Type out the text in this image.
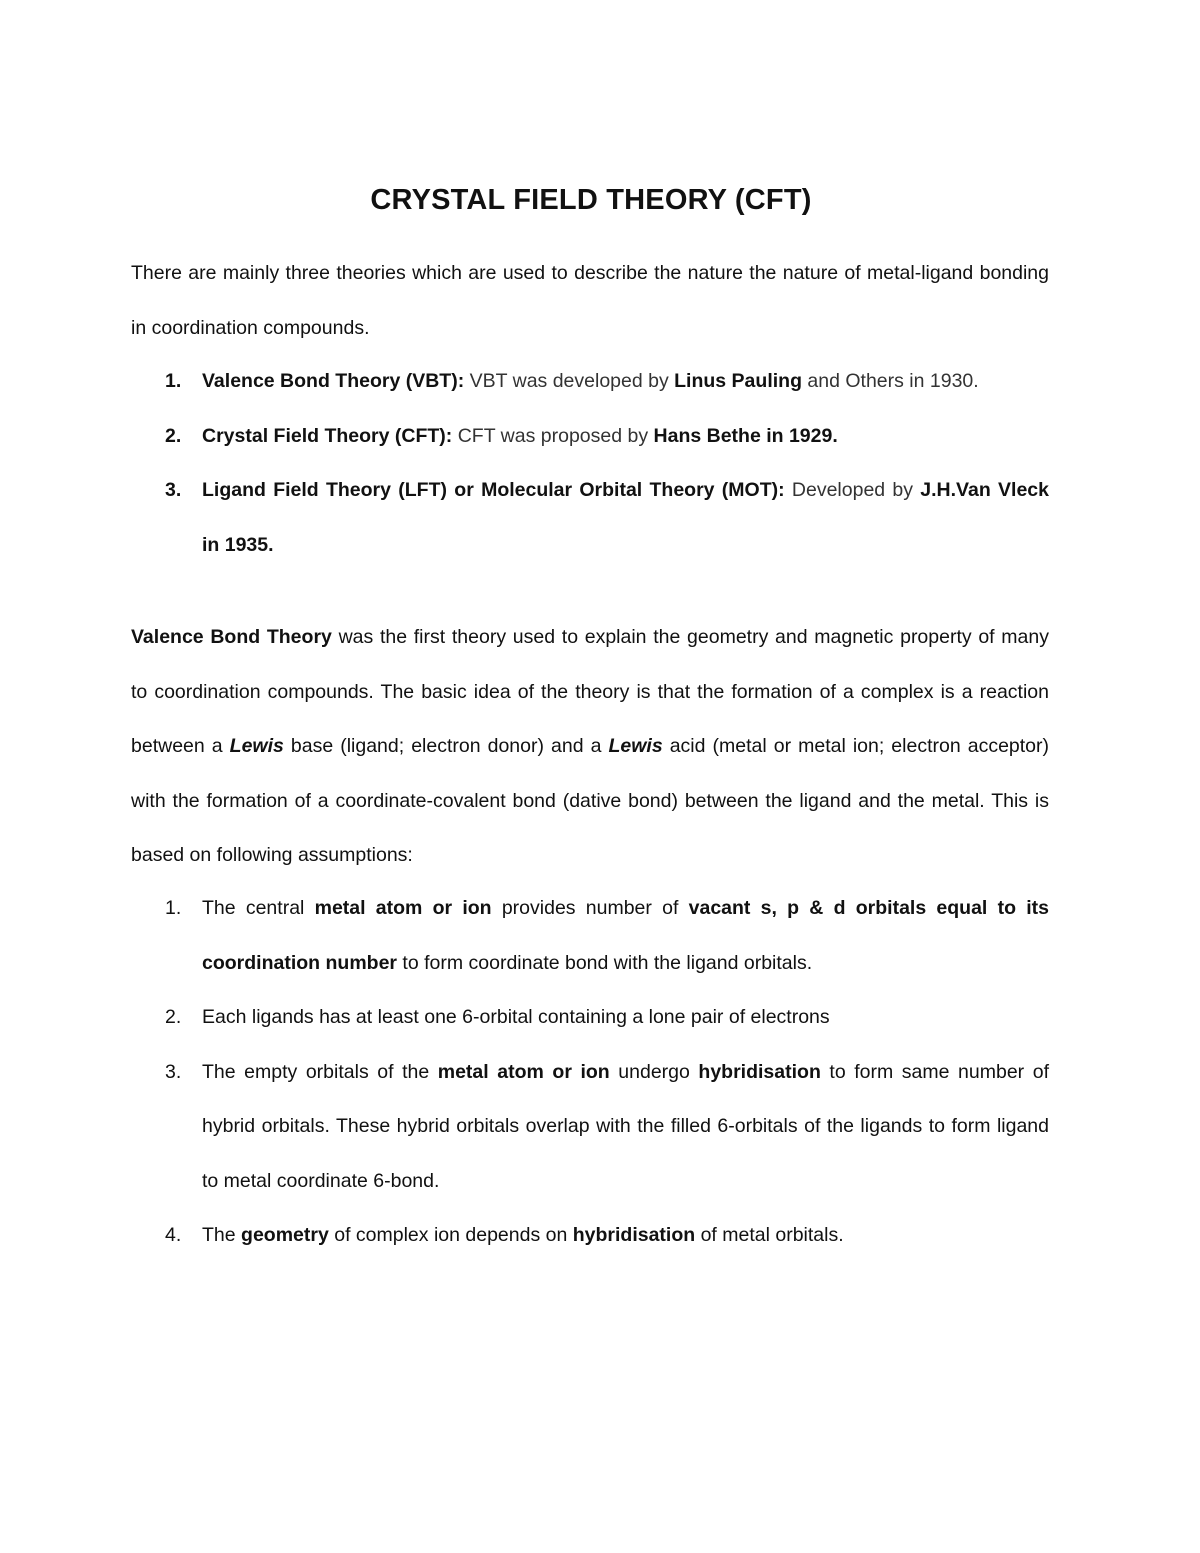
CRYSTAL FIELD THEORY (CFT)

There are mainly three theories which are used to describe the nature the nature of metal-ligand bonding in coordination compounds.

1. Valence Bond Theory (VBT): VBT was developed by Linus Pauling and Others in 1930.
2. Crystal Field Theory (CFT): CFT was proposed by Hans Bethe in 1929.
3. Ligand Field Theory (LFT) or Molecular Orbital Theory (MOT): Developed by J.H.Van Vleck in 1935.

Valence Bond Theory was the first theory used to explain the geometry and magnetic property of many to coordination compounds. The basic idea of the theory is that the formation of a complex is a reaction between a Lewis base (ligand; electron donor) and a Lewis acid (metal or metal ion; electron acceptor) with the formation of a coordinate-covalent bond (dative bond) between the ligand and the metal. This is based on following assumptions:

1. The central metal atom or ion provides number of vacant s, p & d orbitals equal to its coordination number to form coordinate bond with the ligand orbitals.
2. Each ligands has at least one 6-orbital containing a lone pair of electrons
3. The empty orbitals of the metal atom or ion undergo hybridisation to form same number of hybrid orbitals. These hybrid orbitals overlap with the filled 6-orbitals of the ligands to form ligand to metal coordinate 6-bond.
4. The geometry of complex ion depends on hybridisation of metal orbitals.
